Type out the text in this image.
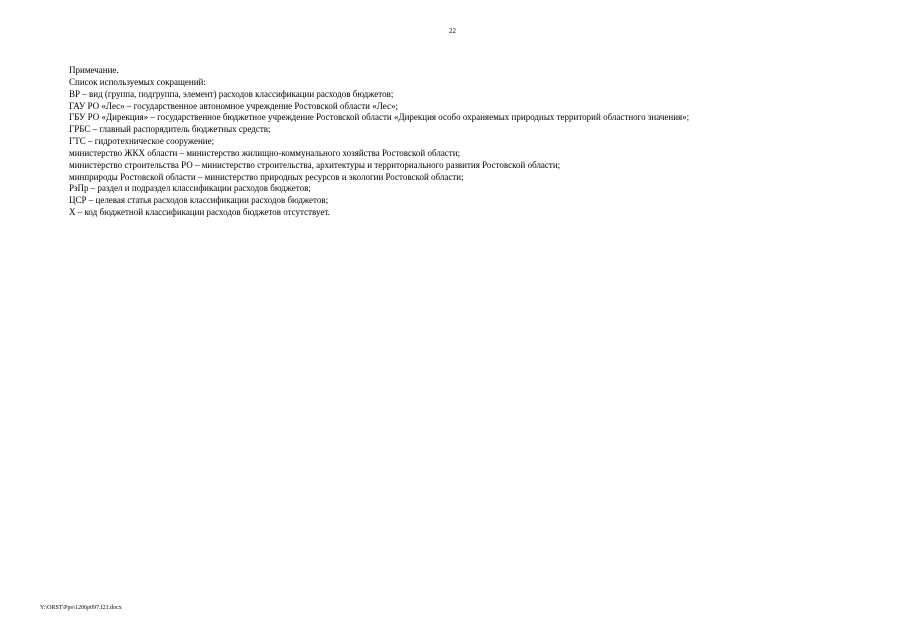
22
Примечание.
Список используемых сокращений:
ВР – вид (группа, подгруппа, элемент) расходов классификации расходов бюджетов;
ГАУ РО «Лес» – государственное автономное учреждение Ростовской области «Лес»;
ГБУ РО «Дирекция» – государственное бюджетное учреждение Ростовской области «Дирекция особо охраняемых природных территорий областного значения»;
ГРБС – главный распорядитель бюджетных средств;
ГТС – гидротехническое сооружение;
министерство ЖКХ области – министерство жилищно-коммунального хозяйства Ростовской области;
министерство строительства РО – министерство строительства, архитектуры и территориального развития Ростовской области;
минприроды Ростовской области – министерство природных ресурсов и экологии Ростовской области;
РзПр – раздел и подраздел классификации расходов бюджетов;
ЦСР – целевая статья расходов классификации расходов бюджетов;
Х – код бюджетной классификации расходов бюджетов отсутствует.
Y:\ORST\Ppo\1206p097.f21.docx
